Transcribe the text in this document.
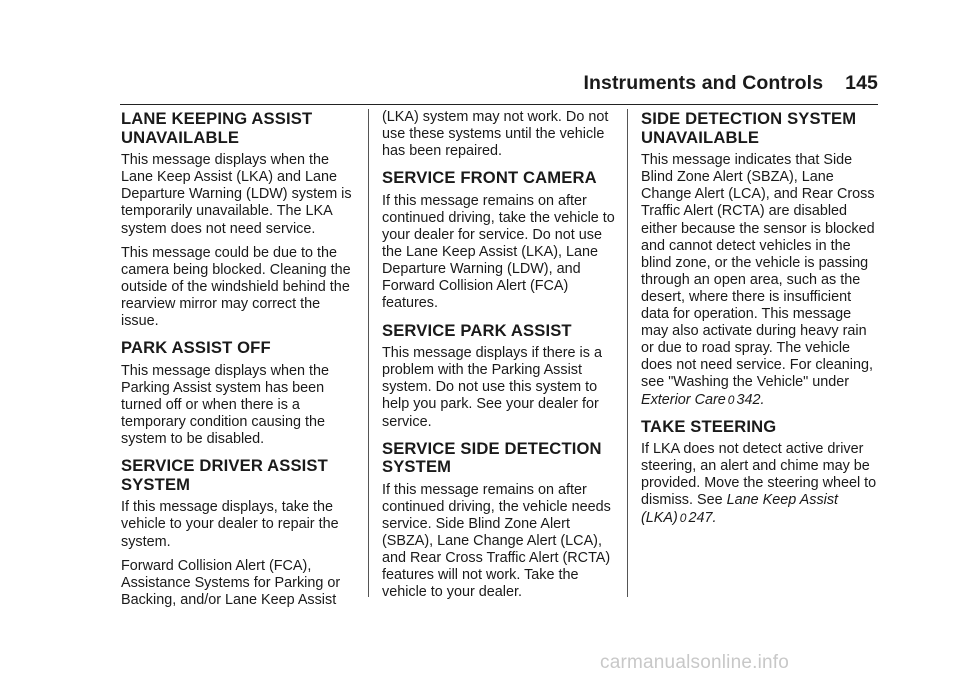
Instruments and Controls 145
LANE KEEPING ASSIST
UNAVAILABLE

This message displays when the Lane Keep Assist (LKA) and Lane Departure Warning (LDW) system is temporarily unavailable. The LKA system does not need service.

This message could be due to the camera being blocked. Cleaning the outside of the windshield behind the rearview mirror may correct the issue.

PARK ASSIST OFF

This message displays when the Parking Assist system has been turned off or when there is a temporary condition causing the system to be disabled.

SERVICE DRIVER ASSIST
SYSTEM

If this message displays, take the vehicle to your dealer to repair the system.

Forward Collision Alert (FCA), Assistance Systems for Parking or Backing, and/or Lane Keep Assist

(LKA) system may not work. Do not use these systems until the vehicle has been repaired.

SERVICE FRONT CAMERA

If this message remains on after continued driving, take the vehicle to your dealer for service. Do not use the Lane Keep Assist (LKA), Lane Departure Warning (LDW), and Forward Collision Alert (FCA) features.

SERVICE PARK ASSIST

This message displays if there is a problem with the Parking Assist system. Do not use this system to help you park. See your dealer for service.

SERVICE SIDE DETECTION
SYSTEM

If this message remains on after continued driving, the vehicle needs service. Side Blind Zone Alert (SBZA), Lane Change Alert (LCA), and Rear Cross Traffic Alert (RCTA) features will not work. Take the vehicle to your dealer.

SIDE DETECTION SYSTEM
UNAVAILABLE

This message indicates that Side Blind Zone Alert (SBZA), Lane Change Alert (LCA), and Rear Cross Traffic Alert (RCTA) are disabled either because the sensor is blocked and cannot detect vehicles in the blind zone, or the vehicle is passing through an open area, such as the desert, where there is insufficient data for operation. This message may also activate during heavy rain or due to road spray. The vehicle does not need service. For cleaning, see "Washing the Vehicle" under Exterior Care 0 342.

TAKE STEERING

If LKA does not detect active driver steering, an alert and chime may be provided. Move the steering wheel to dismiss. See Lane Keep Assist (LKA) 0 247.

carmanualsonline.info
